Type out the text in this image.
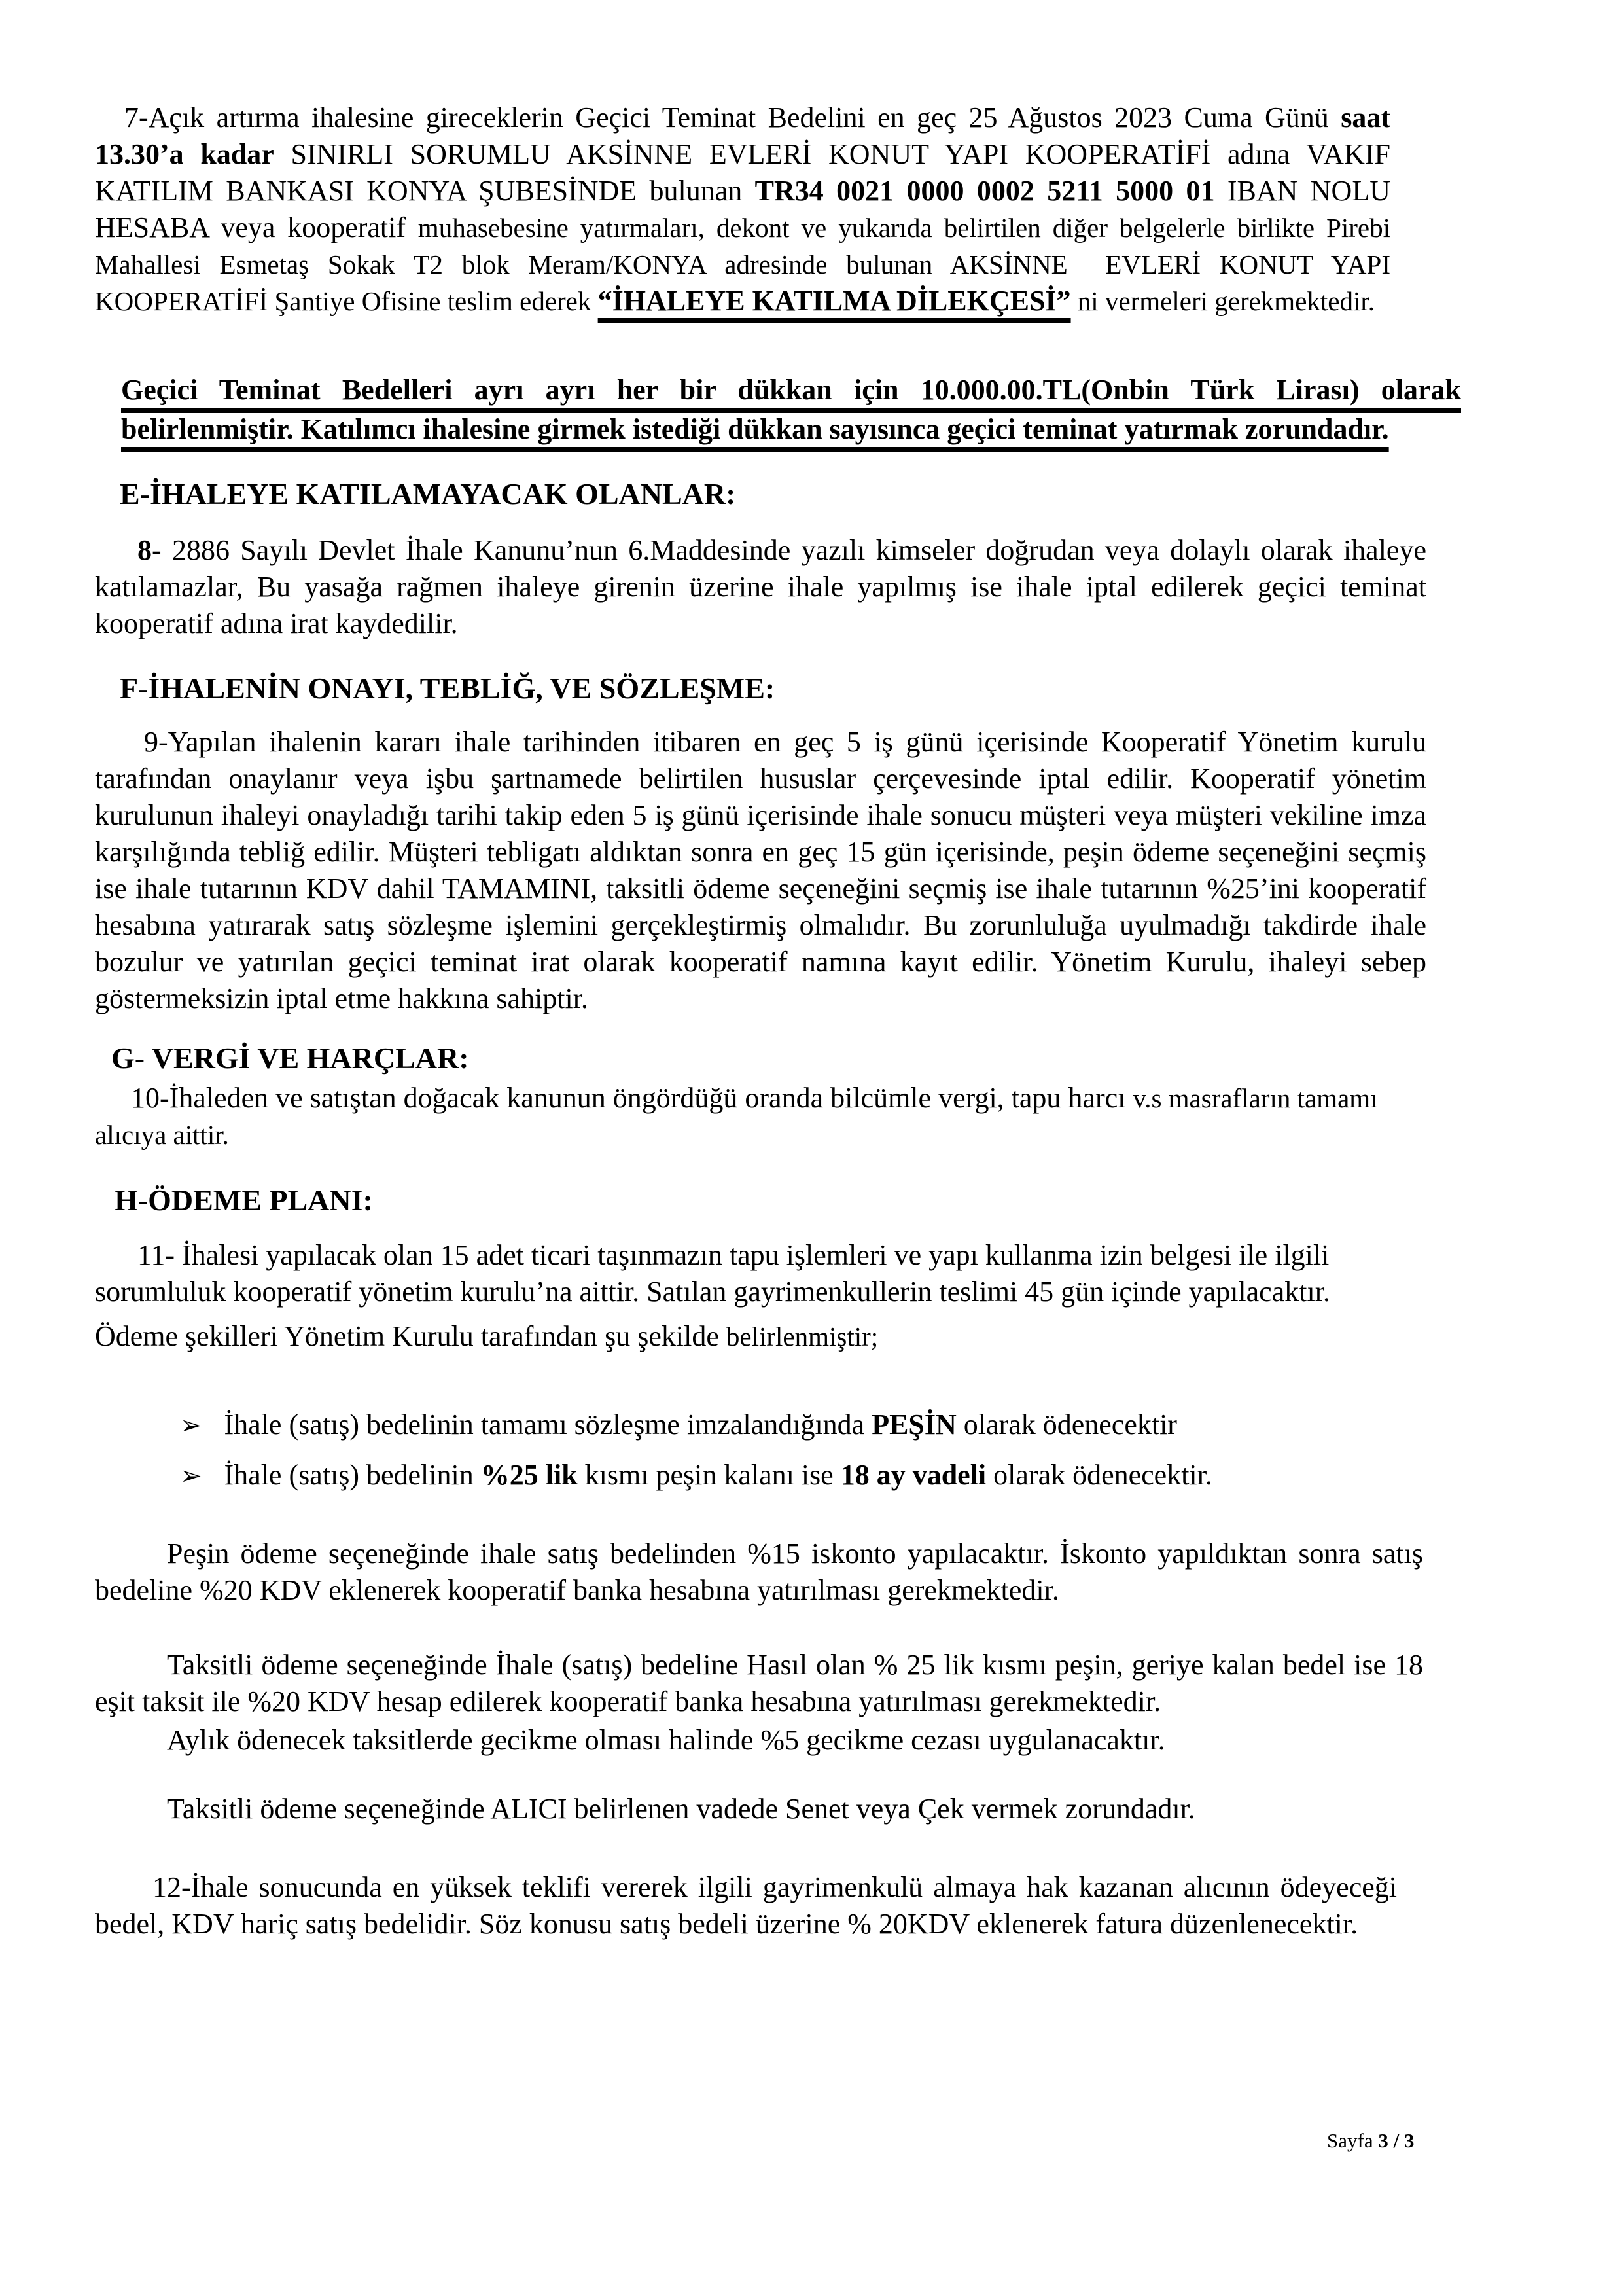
7-Açık artırma ihalesine gireceklerin Geçici Teminat Bedelini en geç 25 Ağustos 2023 Cuma Günü saat 13.30’a kadar SINIRLI SORUMLU AKSİNNE EVLERİ KONUT YAPI KOOPERATİFİ adına VAKIF KATILIM BANKASI KONYA ŞUBESİNDE bulunan TR34 0021 0000 0002 5211 5000 01 IBAN NOLU HESABA veya kooperatif muhasebesine yatırmaları, dekont ve yukarıda belirtilen diğer belgelerle birlikte Pirebi Mahallesi Esmetaş Sokak T2 blok Meram/KONYA adresinde bulunan AKSİNNE  EVLERİ KONUT YAPI KOOPERATİFİ Şantiye Ofisine teslim ederek “İHALEYE KATILMA DİLEKÇESİ” ni vermeleri gerekmektedir.

Geçici Teminat Bedelleri ayrı ayrı her bir dükkan için 10.000.00.TL(Onbin Türk Lirası) olarak belirlenmiştir. Katılımcı ihalesine girmek istediği dükkan sayısınca geçici teminat yatırmak zorundadır.

E-İHALEYE KATILAMAYACAK OLANLAR:

8- 2886 Sayılı Devlet İhale Kanunu’nun 6.Maddesinde yazılı kimseler doğrudan veya dolaylı olarak ihaleye katılamazlar, Bu yasağa rağmen ihaleye girenin üzerine ihale yapılmış ise ihale iptal edilerek geçici teminat kooperatif adına irat kaydedilir.

F-İHALENİN ONAYI, TEBLİĞ, VE SÖZLEŞME:

9-Yapılan ihalenin kararı ihale tarihinden itibaren en geç 5 iş günü içerisinde Kooperatif Yönetim kurulu tarafından onaylanır veya işbu şartnamede belirtilen hususlar çerçevesinde iptal edilir. Kooperatif yönetim kurulunun ihaleyi onayladığı tarihi takip eden 5 iş günü içerisinde ihale sonucu müşteri veya müşteri vekiline imza karşılığında tebliğ edilir. Müşteri tebligatı aldıktan sonra en geç 15 gün içerisinde, peşin ödeme seçeneğini seçmiş ise ihale tutarının KDV dahil TAMAMINI, taksitli ödeme seçeneğini seçmiş ise ihale tutarının %25’ini kooperatif hesabına yatırarak satış sözleşme işlemini gerçekleştirmiş olmalıdır. Bu zorunluluğa uyulmadığı takdirde ihale bozulur ve yatırılan geçici teminat irat olarak kooperatif namına kayıt edilir. Yönetim Kurulu, ihaleyi sebep göstermeksizin iptal etme hakkına sahiptir.

G- VERGİ VE HARÇLAR:

10-İhaleden ve satıştan doğacak kanunun öngördüğü oranda bilcümle vergi, tapu harcı v.s masrafların tamamı alıcıya aittir.

H-ÖDEME PLANI:

11- İhalesi yapılacak olan 15 adet ticari taşınmazın tapu işlemleri ve yapı kullanma izin belgesi ile ilgili sorumluluk kooperatif yönetim kurulu’na aittir. Satılan gayrimenkullerin teslimi 45 gün içinde yapılacaktır.

Ödeme şekilleri Yönetim Kurulu tarafından şu şekilde belirlenmiştir;

➢ İhale (satış) bedelinin tamamı sözleşme imzalandığında PEŞİN olarak ödenecektir
➢ İhale (satış) bedelinin %25 lik kısmı peşin kalanı ise 18 ay vadeli olarak ödenecektir.

Peşin ödeme seçeneğinde ihale satış bedelinden %15 iskonto yapılacaktır. İskonto yapıldıktan sonra satış bedeline %20 KDV eklenerek kooperatif banka hesabına yatırılması gerekmektedir.

Taksitli ödeme seçeneğinde İhale (satış) bedeline Hasıl olan % 25 lik kısmı peşin, geriye kalan bedel ise 18 eşit taksit ile %20 KDV hesap edilerek kooperatif banka hesabına yatırılması gerekmektedir.

Aylık ödenecek taksitlerde gecikme olması halinde %5 gecikme cezası uygulanacaktır.

Taksitli ödeme seçeneğinde ALICI belirlenen vadede Senet veya Çek vermek zorundadır.

12-İhale sonucunda en yüksek teklifi vererek ilgili gayrimenkulü almaya hak kazanan alıcının ödeyeceği bedel, KDV hariç satış bedelidir. Söz konusu satış bedeli üzerine % 20KDV eklenerek fatura düzenlenecektir.

Sayfa 3 / 3
